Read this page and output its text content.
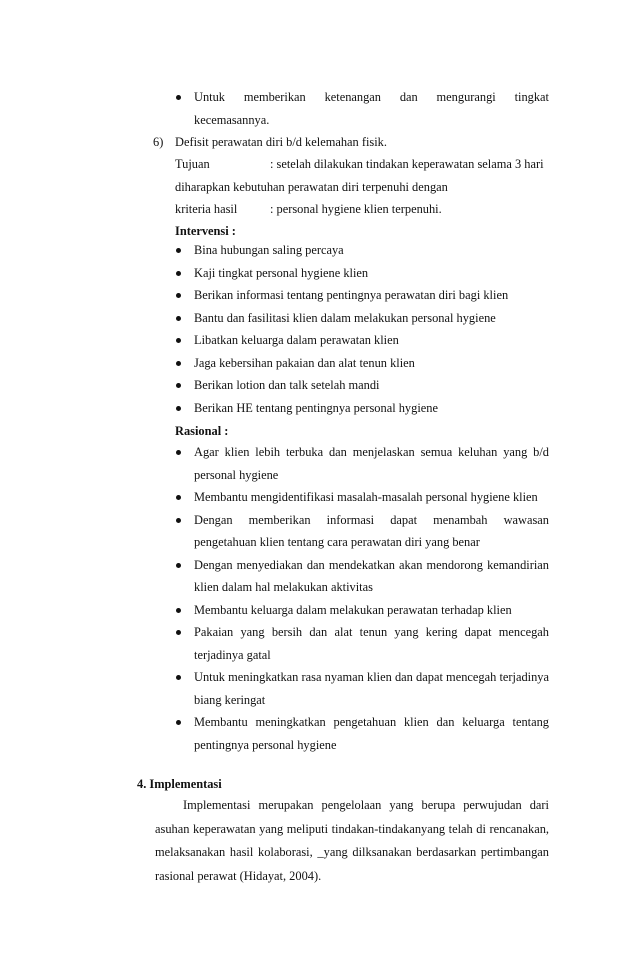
Untuk memberikan ketenangan dan mengurangi tingkat
kecemasannya.
6) Defisit perawatan diri b/d kelemahan fisik.
Tujuan	: setelah dilakukan tindakan keperawatan selama 3 hari
diharapkan kebutuhan perawatan diri terpenuhi dengan
kriteria hasil	: personal hygiene klien terpenuhi.
Intervensi :
Bina hubungan saling percaya
Kaji tingkat personal hygiene klien
Berikan informasi tentang pentingnya perawatan diri bagi klien
Bantu dan fasilitasi klien dalam melakukan personal hygiene
Libatkan keluarga dalam perawatan klien
Jaga kebersihan pakaian dan alat tenun klien
Berikan lotion dan talk setelah mandi
Berikan HE tentang pentingnya personal hygiene
Rasional :
Agar klien lebih terbuka dan menjelaskan semua keluhan yang b/d personal hygiene
Membantu mengidentifikasi masalah-masalah personal hygiene klien
Dengan memberikan informasi dapat menambah wawasan pengetahuan klien tentang cara perawatan diri yang benar
Dengan menyediakan dan mendekatkan akan mendorong kemandirian klien dalam hal melakukan aktivitas
Membantu keluarga dalam melakukan perawatan terhadap klien
Pakaian yang bersih dan alat tenun yang kering dapat mencegah terjadinya gatal
Untuk meningkatkan rasa nyaman klien dan dapat mencegah terjadinya biang keringat
Membantu meningkatkan pengetahuan klien dan keluarga tentang pentingnya personal hygiene
4. Implementasi

Implementasi merupakan pengelolaan yang berupa perwujudan dari asuhan keperawatan yang meliputi tindakan-tindakanyang telah di rencanakan, melaksanakan hasil kolaborasi, _yang dilksanakan berdasarkan pertimbangan rasional perawat (Hidayat, 2004).
